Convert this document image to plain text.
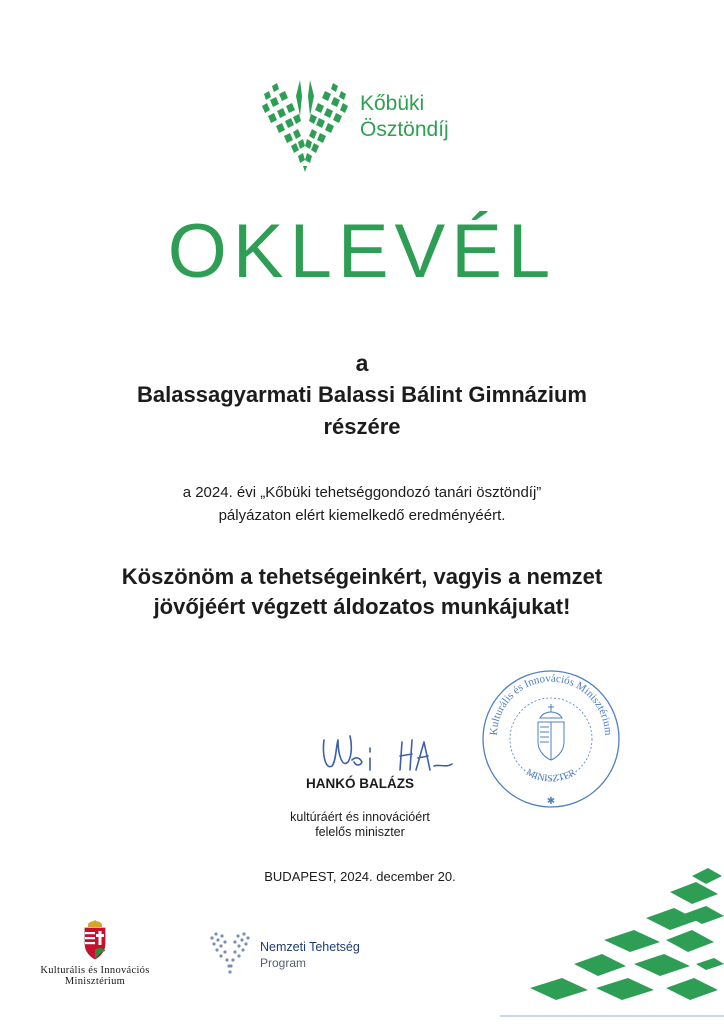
Kőbüki
Ösztöndíj
OKLEVÉL
a
Balassagyarmati Balassi Bálint Gimnázium
részére
a 2024. évi „Kőbüki tehetséggondozó tanári ösztöndíj”
pályázaton elért kiemelkedő eredményéért.
Köszönöm a tehetségeinkért, vagyis a nemzet
jövőjéért végzett áldozatos munkájukat!
HANKÓ BALÁZS
kultúráért és innovációért
felelős miniszter
Kulturális és Innovációs Minisztérium
MINISZTER
✱
BUDAPEST, 2024. december 20.
Kulturális és Innovációs
Minisztérium
Nemzeti Tehetség
Program
